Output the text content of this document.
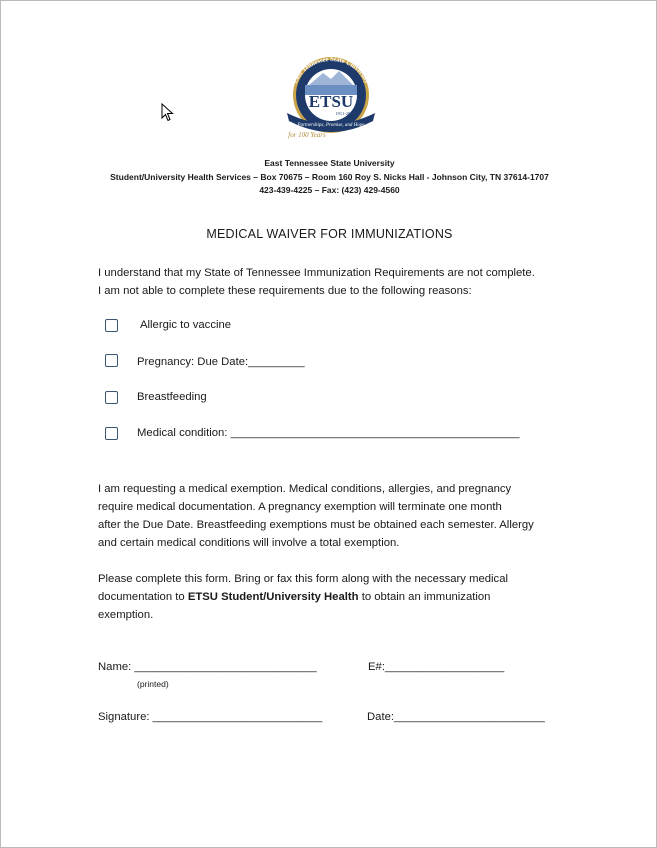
East Tennessee State University
ETSU
1911-2011
Partnerships, Promise, and Hope
for 100 Years
East Tennessee State University
Student/University Health Services – Box 70675 – Room 160 Roy S. Nicks Hall - Johnson City, TN 37614-1707
423-439-4225 – Fax: (423) 429-4560
MEDICAL WAIVER FOR IMMUNIZATIONS
I understand that my State of Tennessee Immunization Requirements are not complete.
I am not able to complete these requirements due to the following reasons:
Allergic to vaccine
Pregnancy: Due Date:_________
Breastfeeding
Medical condition: ______________________________________________
I am requesting a medical exemption. Medical conditions, allergies, and pregnancy
require medical documentation. A pregnancy exemption will terminate one month
after the Due Date. Breastfeeding exemptions must be obtained each semester. Allergy
and certain medical conditions will involve a total exemption.
Please complete this form. Bring or fax this form along with the necessary medical
documentation to ETSU Student/University Health to obtain an immunization
exemption.
Name: _____________________________
(printed)
E#:___________________
Signature: ___________________________	Date:________________________
